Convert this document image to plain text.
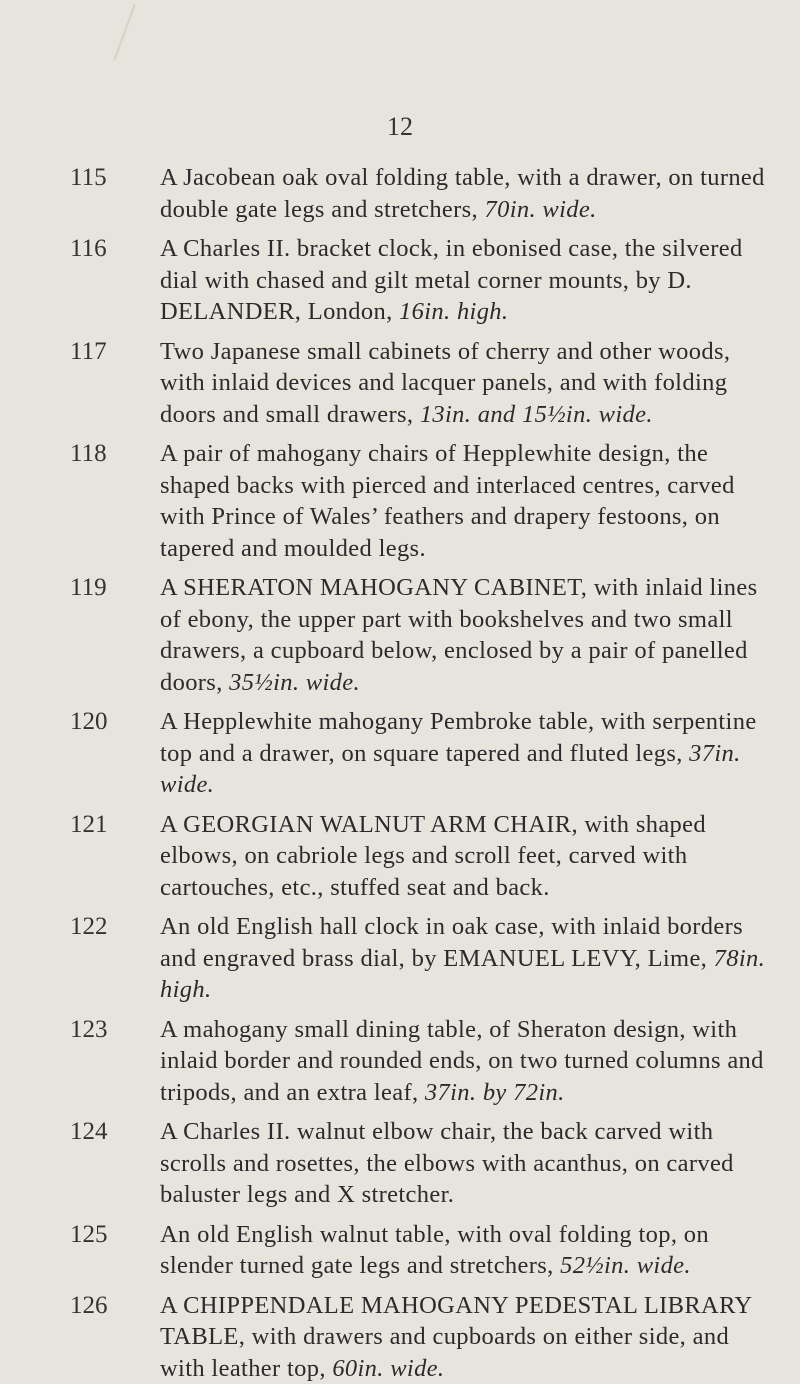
12
115	A Jacobean oak oval folding table, with a drawer, on turned double gate legs and stretchers, 70in. wide.
116	A Charles II. bracket clock, in ebonised case, the silvered dial with chased and gilt metal corner mounts, by D. DELANDER, London, 16in. high.
117	Two Japanese small cabinets of cherry and other woods, with inlaid devices and lacquer panels, and with folding doors and small drawers, 13in. and 15½in. wide.
118	A pair of mahogany chairs of Hepplewhite design, the shaped backs with pierced and interlaced centres, carved with Prince of Wales’ feathers and drapery festoons, on tapered and moulded legs.
119	A SHERATON MAHOGANY CABINET, with inlaid lines of ebony, the upper part with bookshelves and two small drawers, a cupboard below, enclosed by a pair of panelled doors, 35½in. wide.
120	A Hepplewhite mahogany Pembroke table, with serpentine top and a drawer, on square tapered and fluted legs, 37in. wide.
121	A GEORGIAN WALNUT ARM CHAIR, with shaped elbows, on cabriole legs and scroll feet, carved with cartouches, etc., stuffed seat and back.
122	An old English hall clock in oak case, with inlaid borders and engraved brass dial, by EMANUEL LEVY, Lime, 78in. high.
123	A mahogany small dining table, of Sheraton design, with inlaid border and rounded ends, on two turned columns and tripods, and an extra leaf, 37in. by 72in.
124	A Charles II. walnut elbow chair, the back carved with scrolls and rosettes, the elbows with acanthus, on carved baluster legs and X stretcher.
125	An old English walnut table, with oval folding top, on slender turned gate legs and stretchers, 52½in. wide.
126	A CHIPPENDALE MAHOGANY PEDESTAL LIBRARY TABLE, with drawers and cupboards on either side, and with leather top, 60in. wide.
